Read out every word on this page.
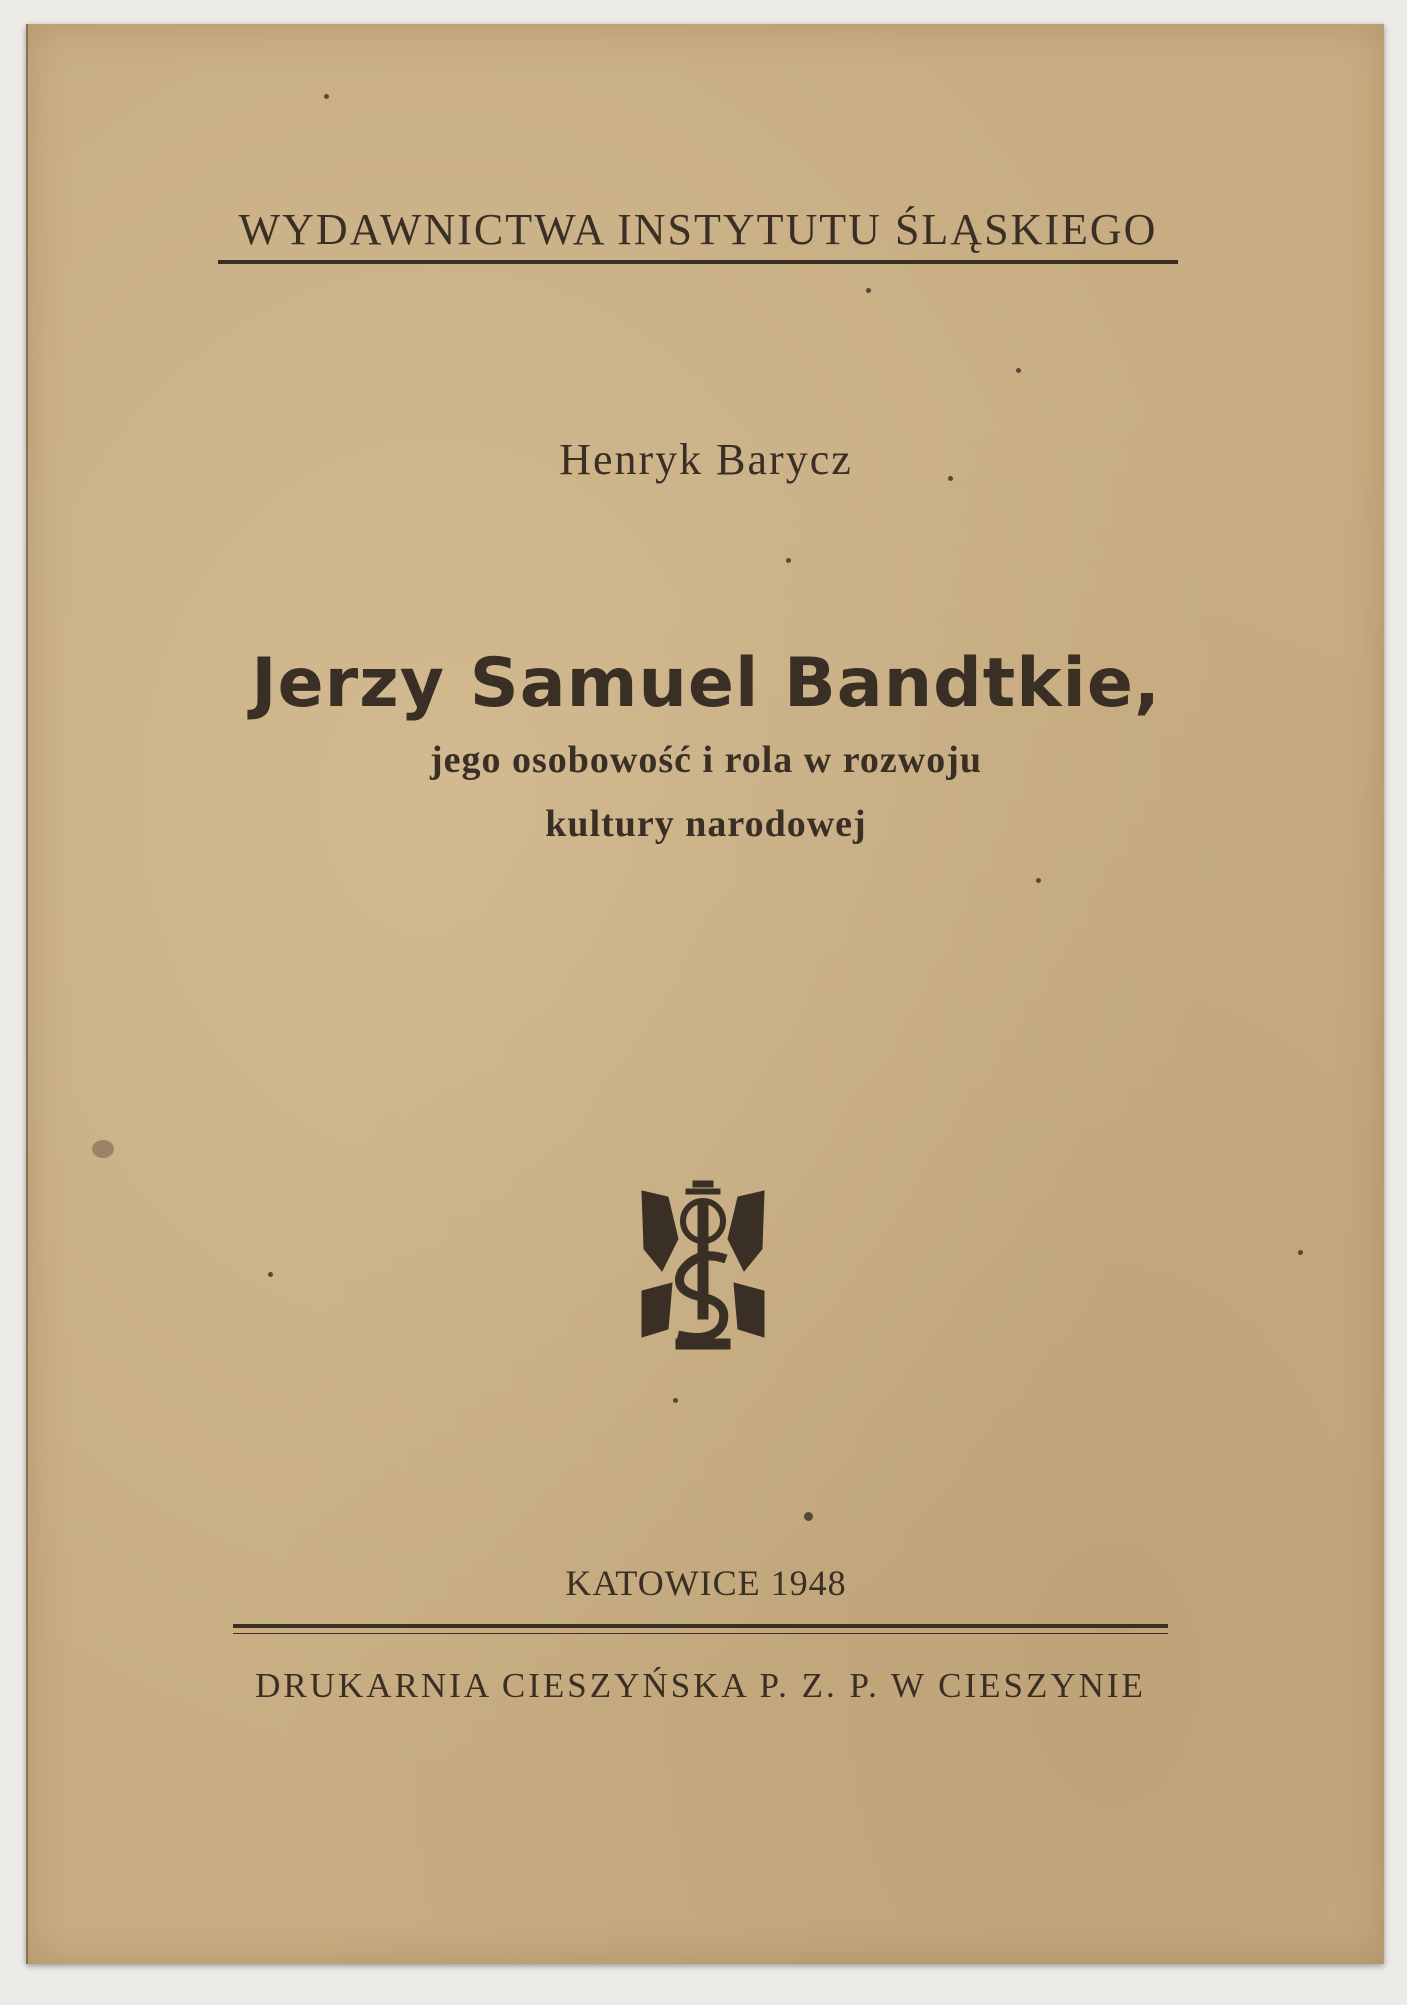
WYDAWNICTWA INSTYTUTU ŚLĄSKIEGO
Henryk Barycz
Jerzy Samuel Bandtkie,
jego osobowość i rola w rozwoju
kultury narodowej
KATOWICE 1948
DRUKARNIA CIESZYŃSKA P. Z. P. W CIESZYNIE
